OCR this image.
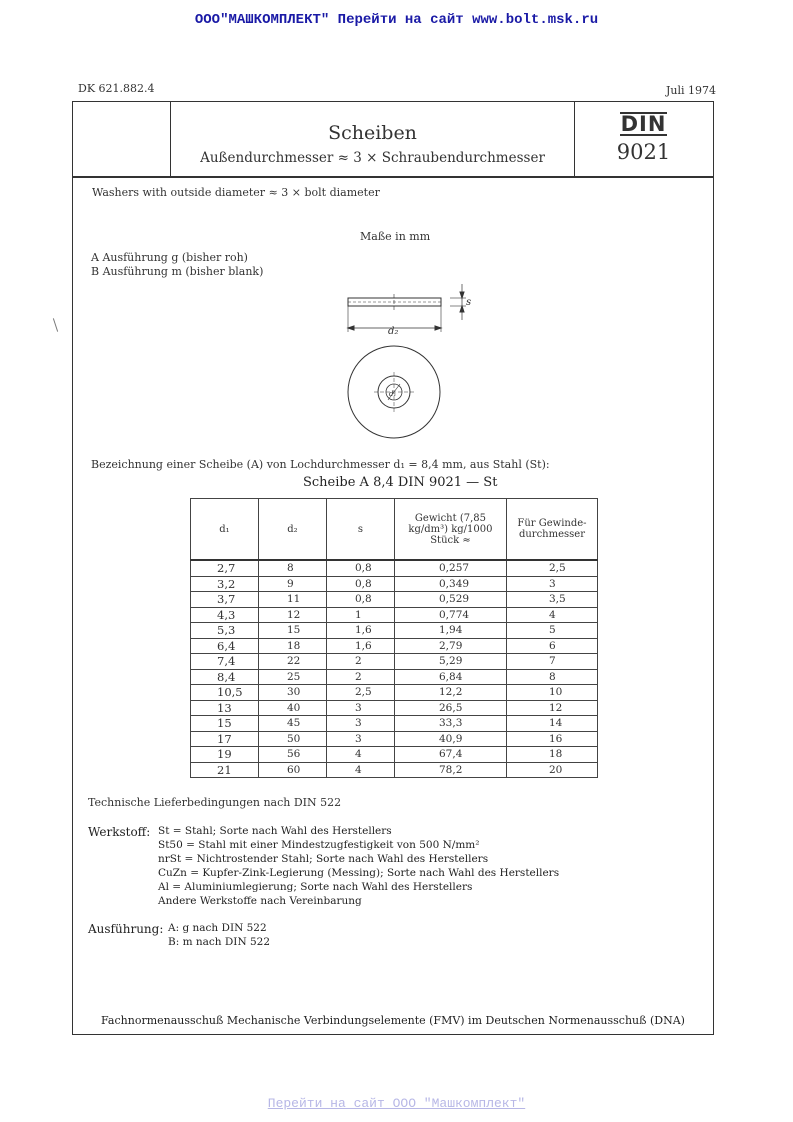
ООО"МАШКОМПЛЕКТ" Перейти на сайт www.bolt.msk.ru
DK 621.882.4	Juli 1974
Scheiben
Außendurchmesser ≈ 3 × Schraubendurchmesser
DIN
9021
Washers with outside diameter ≈ 3 × bolt diameter
Maße in mm
A Ausführung g (bisher roh)
B Ausführung m (bisher blank)
s
d₂
d₁
Bezeichnung einer Scheibe (A) von Lochdurchmesser d₁ = 8,4 mm, aus Stahl (St):
Scheibe A 8,4 DIN 9021 — St
d₁	d₂	s	Gewicht (7,85 kg/dm³) kg/1000 Stück ≈	Für Gewinde-durchmesser
2,7	8	0,8	0,257	2,5
3,2	9	0,8	0,349	3
3,7	11	0,8	0,529	3,5
4,3	12	1	0,774	4
5,3	15	1,6	1,94	5
6,4	18	1,6	2,79	6
7,4	22	2	5,29	7
8,4	25	2	6,84	8
10,5	30	2,5	12,2	10
13	40	3	26,5	12
15	45	3	33,3	14
17	50	3	40,9	16
19	56	4	67,4	18
21	60	4	78,2	20
Technische Lieferbedingungen nach DIN 522
Werkstoff: St = Stahl; Sorte nach Wahl des Herstellers
St50 = Stahl mit einer Mindestzugfestigkeit von 500 N/mm²
nrSt = Nichtrostender Stahl; Sorte nach Wahl des Herstellers
CuZn = Kupfer-Zink-Legierung (Messing); Sorte nach Wahl des Herstellers
Al = Aluminiumlegierung; Sorte nach Wahl des Herstellers
Andere Werkstoffe nach Vereinbarung
Ausführung: A: g nach DIN 522
B: m nach DIN 522
Fachnormenausschuß Mechanische Verbindungselemente (FMV) im Deutschen Normenausschuß (DNA)
Перейти на сайт ООО "Машкомплект"
